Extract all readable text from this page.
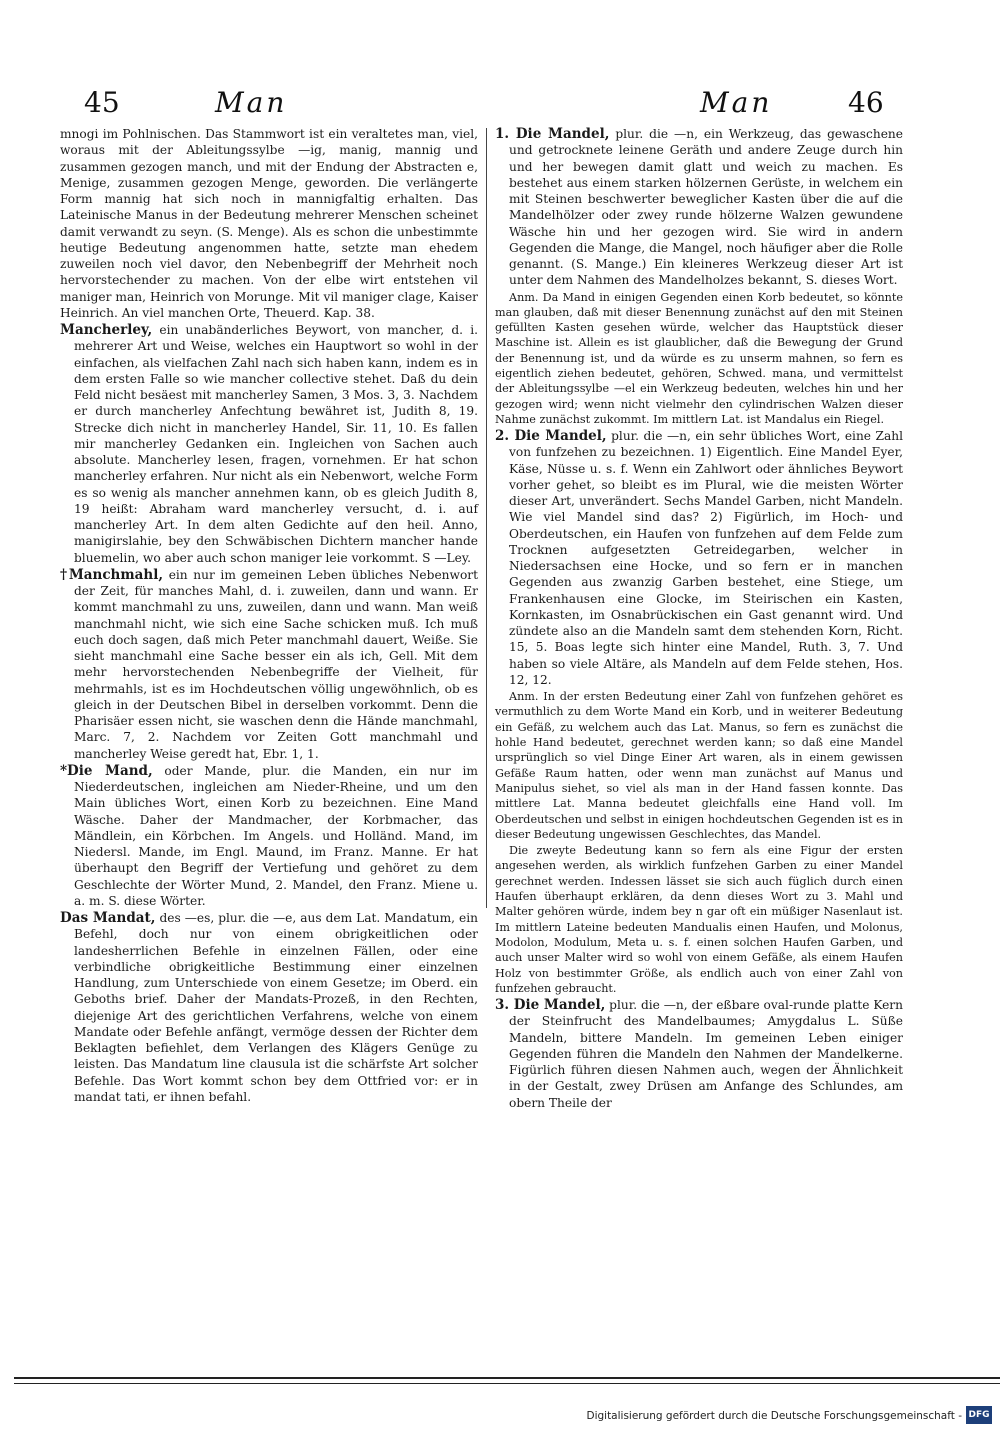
45	Man	Man	46

mnogi im Pohlnischen. Das Stammwort ist ein veraltetes man, viel, woraus mit der Ableitungssylbe —ig, manig, mannig und zusammen gezogen manch, und mit der Endung der Abstracten e, Menige, zusammen gezogen Menge, geworden. Die verlängerte Form mannig hat sich noch in mannigfaltig erhalten. Das Lateinische Manus in der Bedeutung mehrerer Menschen scheinet damit verwandt zu seyn. (S. Menge). Als es schon die unbestimmte heutige Bedeutung angenommen hatte, setzte man ehedem zuweilen noch viel davor, den Nebenbegriff der Mehrheit noch hervorstechender zu machen. Von der elbe wirt entstehen vil maniger man, Heinrich von Morunge. Mit vil maniger clage, Kaiser Heinrich. An viel manchen Orte, Theuerd. Kap. 38.

Mancherley, ein unabänderliches Beywort, von mancher, d. i. mehrerer Art und Weise, welches ein Hauptwort so wohl in der einfachen, als vielfachen Zahl nach sich haben kann, indem es in dem ersten Falle so wie mancher collective stehet. Daß du dein Feld nicht besäest mit mancherley Samen, 3 Mos. 3, 3. Nachdem er durch mancherley Anfechtung bewähret ist, Judith 8, 19. Strecke dich nicht in mancherley Handel, Sir. 11, 10. Es fallen mir mancherley Gedanken ein. Ingleichen von Sachen auch absolute. Mancherley lesen, fragen, vornehmen. Er hat schon mancherley erfahren. Nur nicht als ein Nebenwort, welche Form es so wenig als mancher annehmen kann, ob es gleich Judith 8, 19 heißt: Abraham ward mancherley versucht, d. i. auf mancherley Art. In dem alten Gedichte auf den heil. Anno, manigirslahie, bey den Schwäbischen Dichtern mancher hande bluemelin, wo aber auch schon maniger leie vorkommt. S —Ley.

†Manchmahl, ein nur im gemeinen Leben übliches Nebenwort der Zeit, für manches Mahl, d. i. zuweilen, dann und wann. Er kommt manchmahl zu uns, zuweilen, dann und wann. Man weiß manchmahl nicht, wie sich eine Sache schicken muß. Ich muß euch doch sagen, daß mich Peter manchmahl dauert, Weiße. Sie sieht manchmahl eine Sache besser ein als ich, Gell. Mit dem mehr hervorstechenden Nebenbegriffe der Vielheit, für mehrmahls, ist es im Hochdeutschen völlig ungewöhnlich, ob es gleich in der Deutschen Bibel in derselben vorkommt. Denn die Pharisäer essen nicht, sie waschen denn die Hände manchmahl, Marc. 7, 2. Nachdem vor Zeiten Gott manchmahl und mancherley Weise geredt hat, Ebr. 1, 1.

*Die Mand, oder Mande, plur. die Manden, ein nur im Niederdeutschen, ingleichen am Nieder-Rheine, und um den Main übliches Wort, einen Korb zu bezeichnen. Eine Mand Wäsche. Daher der Mandmacher, der Korbmacher, das Mändlein, ein Körbchen. Im Angels. und Holländ. Mand, im Niedersl. Mande, im Engl. Maund, im Franz. Manne. Er hat überhaupt den Begriff der Vertiefung und gehöret zu dem Geschlechte der Wörter Mund, 2. Mandel, den Franz. Miene u. a. m. S. diese Wörter.

Das Mandat, des —es, plur. die —e, aus dem Lat. Mandatum, ein Befehl, doch nur von einem obrigkeitlichen oder landesherrlichen Befehle in einzelnen Fällen, oder eine verbindliche obrigkeitliche Bestimmung einer einzelnen Handlung, zum Unterschiede von einem Gesetze; im Oberd. ein Geboths brief. Daher der Mandats-Prozeß, in den Rechten, diejenige Art des gerichtlichen Verfahrens, welche von einem Mandate oder Befehle anfängt, vermöge dessen der Richter dem Beklagten befiehlet, dem Verlangen des Klägers Genüge zu leisten. Das Mandatum line clausula ist die schärfste Art solcher Befehle. Das Wort kommt schon bey dem Ottfried vor: er in mandat tati, er ihnen befahl.

1. Die Mandel, plur. die —n, ein Werkzeug, das gewaschene und getrocknete leinene Geräth und andere Zeuge durch hin und her bewegen damit glatt und weich zu machen. Es bestehet aus einem starken hölzernen Gerüste, in welchem ein mit Steinen beschwerter beweglicher Kasten über die auf die Mandelhölzer oder zwey runde hölzerne Walzen gewundene Wäsche hin und her gezogen wird. Sie wird in andern Gegenden die Mange, die Mangel, noch häufiger aber die Rolle genannt. (S. Mange.) Ein kleineres Werkzeug dieser Art ist unter dem Nahmen des Mandelholzes bekannt, S. dieses Wort.

Anm. Da Mand in einigen Gegenden einen Korb bedeutet, so könnte man glauben, daß mit dieser Benennung zunächst auf den mit Steinen gefüllten Kasten gesehen würde, welcher das Hauptstück dieser Maschine ist. Allein es ist glaublicher, daß die Bewegung der Grund der Benennung ist, und da würde es zu unserm mahnen, so fern es eigentlich ziehen bedeutet, gehören, Schwed. mana, und vermittelst der Ableitungssylbe —el ein Werkzeug bedeuten, welches hin und her gezogen wird; wenn nicht vielmehr den cylindrischen Walzen dieser Nahme zunächst zukommt. Im mittlern Lat. ist Mandalus ein Riegel.

2. Die Mandel, plur. die —n, ein sehr übliches Wort, eine Zahl von funfzehen zu bezeichnen. 1) Eigentlich. Eine Mandel Eyer, Käse, Nüsse u. s. f. Wenn ein Zahlwort oder ähnliches Beywort vorher gehet, so bleibt es im Plural, wie die meisten Wörter dieser Art, unverändert. Sechs Mandel Garben, nicht Mandeln. Wie viel Mandel sind das? 2) Figürlich, im Hoch- und Oberdeutschen, ein Haufen von funfzehen auf dem Felde zum Trocknen aufgesetzten Getreidegarben, welcher in Niedersachsen eine Hocke, und so fern er in manchen Gegenden aus zwanzig Garben bestehet, eine Stiege, um Frankenhausen eine Glocke, im Steirischen ein Kasten, Kornkasten, im Osnabrückischen ein Gast genannt wird. Und zündete also an die Mandeln samt dem stehenden Korn, Richt. 15, 5. Boas legte sich hinter eine Mandel, Ruth. 3, 7. Und haben so viele Altäre, als Mandeln auf dem Felde stehen, Hos. 12, 12.

Anm. In der ersten Bedeutung einer Zahl von funfzehen gehöret es vermuthlich zu dem Worte Mand ein Korb, und in weiterer Bedeutung ein Gefäß, zu welchem auch das Lat. Manus, so fern es zunächst die hohle Hand bedeutet, gerechnet werden kann; so daß eine Mandel ursprünglich so viel Dinge Einer Art waren, als in einem gewissen Gefäße Raum hatten, oder wenn man zunächst auf Manus und Manipulus siehet, so viel als man in der Hand fassen konnte. Das mittlere Lat. Manna bedeutet gleichfalls eine Hand voll. Im Oberdeutschen und selbst in einigen hochdeutschen Gegenden ist es in dieser Bedeutung ungewissen Geschlechtes, das Mandel.

Die zweyte Bedeutung kann so fern als eine Figur der ersten angesehen werden, als wirklich funfzehen Garben zu einer Mandel gerechnet werden. Indessen lässet sie sich auch füglich durch einen Haufen überhaupt erklären, da denn dieses Wort zu 3. Mahl und Malter gehören würde, indem bey n gar oft ein müßiger Nasenlaut ist. Im mittlern Lateine bedeuten Mandualis einen Haufen, und Molonus, Modolon, Modulum, Meta u. s. f. einen solchen Haufen Garben, und auch unser Malter wird so wohl von einem Gefäße, als einem Haufen Holz von bestimmter Größe, als endlich auch von einer Zahl von funfzehen gebraucht.

3. Die Mandel, plur. die —n, der eßbare oval-runde platte Kern der Steinfrucht des Mandelbaumes; Amygdalus L. Süße Mandeln, bittere Mandeln. Im gemeinen Leben einiger Gegenden führen die Mandeln den Nahmen der Mandelkerne. Figürlich führen diesen Nahmen auch, wegen der Ähnlichkeit in der Gestalt, zwey Drüsen am Anfange des Schlundes, am obern Theile der

Digitalisierung gefördert durch die Deutsche Forschungsgemeinschaft - DFG
